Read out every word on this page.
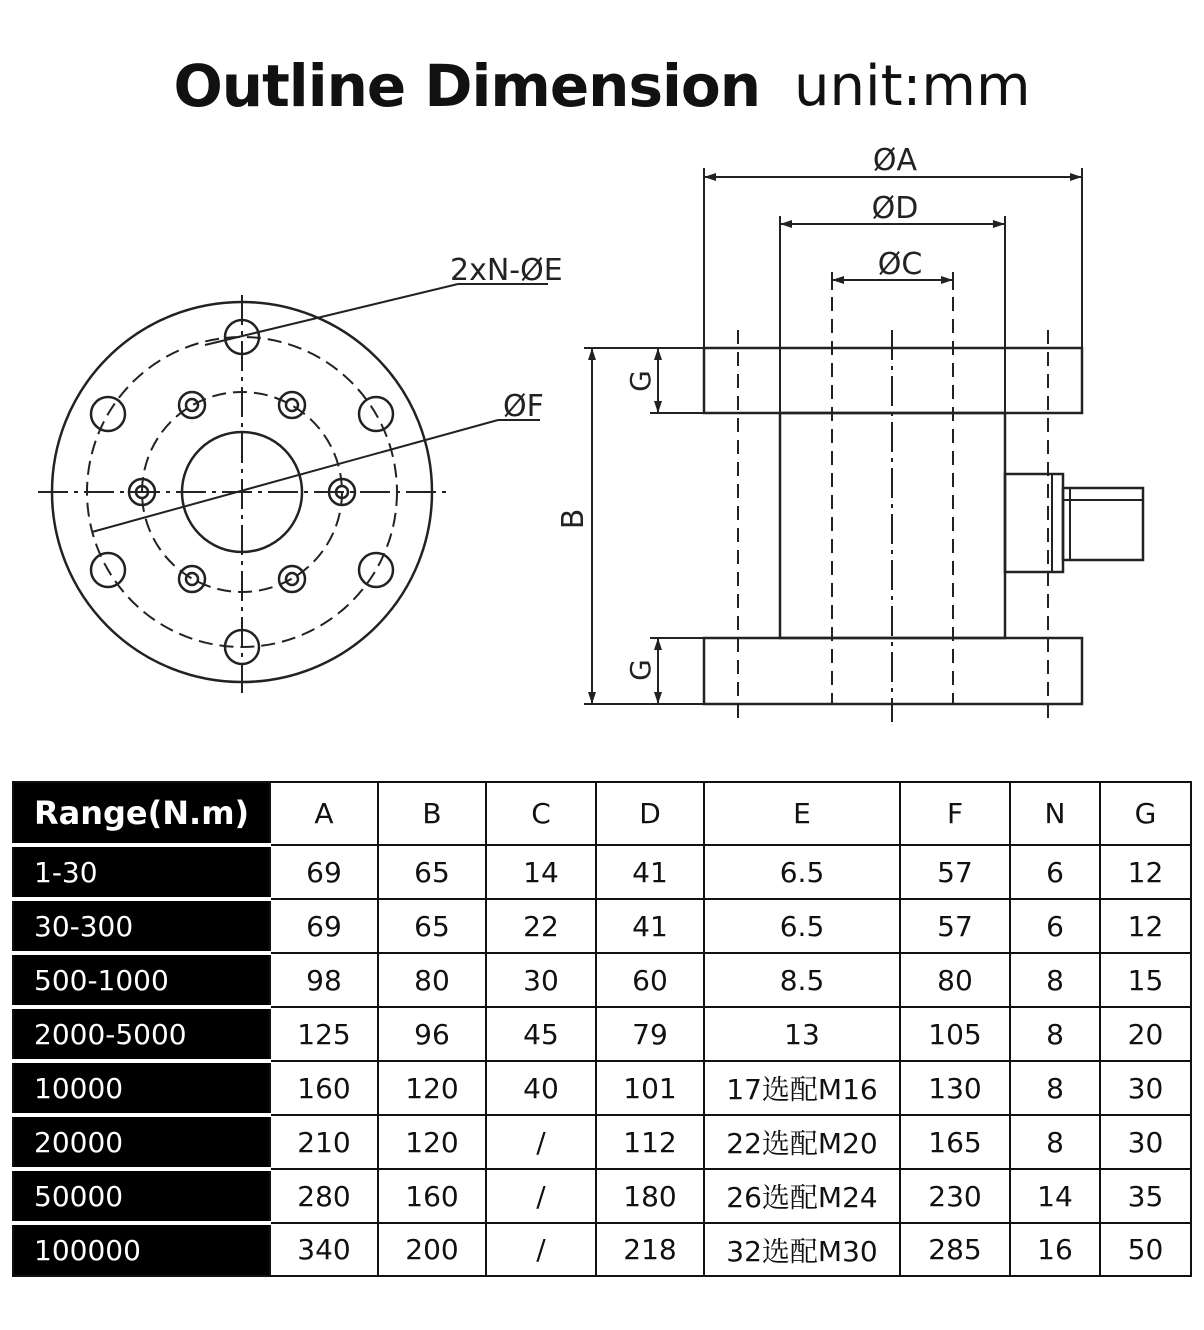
Outline Dimension unit:mm
2xN-ØE
ØF
ØA
ØD
ØC
B
G
G
Range(N.m)	A	B	C	D	E	F	N	G
1-30	69	65	14	41	6.5	57	6	12
30-300	69	65	22	41	6.5	57	6	12
500-1000	98	80	30	60	8.5	80	8	15
2000-5000	125	96	45	79	13	105	8	20
10000	160	120	40	101	17选配M16	130	8	30
20000	210	120	/	112	22选配M20	165	8	30
50000	280	160	/	180	26选配M24	230	14	35
100000	340	200	/	218	32选配M30	285	16	50
